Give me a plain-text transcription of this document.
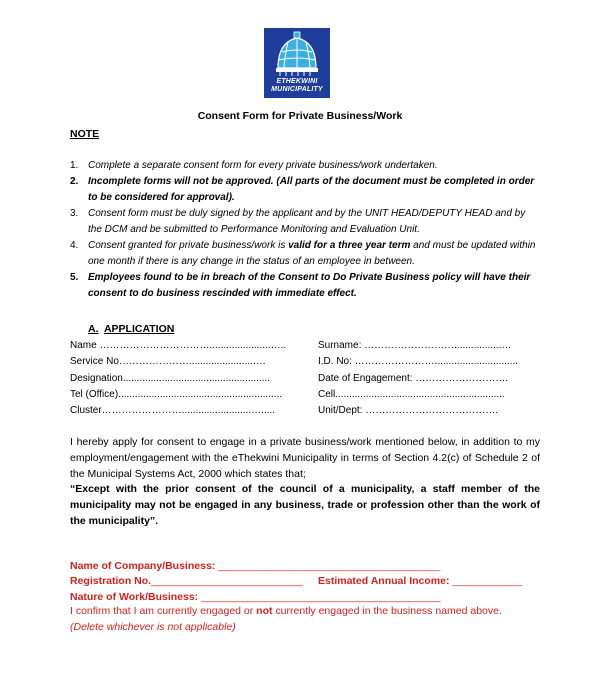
ETHEKWINI
MUNICIPALITY
Consent Form for Private Business/Work
NOTE
1. Complete a separate consent form for every private business/work undertaken.
2. Incomplete forms will not be approved. (All parts of the document must be completed in order to be considered for approval).
3. Consent form must be duly signed by the applicant and by the UNIT HEAD/DEPUTY HEAD and by the DCM and be submitted to Performance Monitoring and Evaluation Unit.
4. Consent granted for private business/work is valid for a three year term and must be updated within one month if there is any change in the status of an employee in between.
5. Employees found to be in breach of the Consent to Do Private Business policy will have their consent to do business rescinded with immediate effect.
A. APPLICATION
Name ……………………………......................…..
Service No………………….......................….
Designation.....................................................
Tel (Office)...........................................................
Cluster…………………….........................….....
Surname: ……………………….................…
I.D. No: ……………………..............................
Date of Engagement: ……………………….
Cell.............................................................
Unit/Dept: ………………………………….
I hereby apply for consent to engage in a private business/work mentioned below, in addition to my employment/engagement with the eThekwini Municipality in terms of Section 4.2(c) of Schedule 2 of the Municipal Systems Act, 2000 which states that;
“Except with the prior consent of the council of a municipality, a staff member of the municipality may not be engaged in any business, trade or profession other than the work of the municipality”.
Name of Company/Business: ______________________________________
Registration No.__________________________ Estimated Annual Income: ____________
Nature of Work/Business: _________________________________________
I confirm that I am currently engaged or not currently engaged in the business named above.
(Delete whichever is not applicable)
